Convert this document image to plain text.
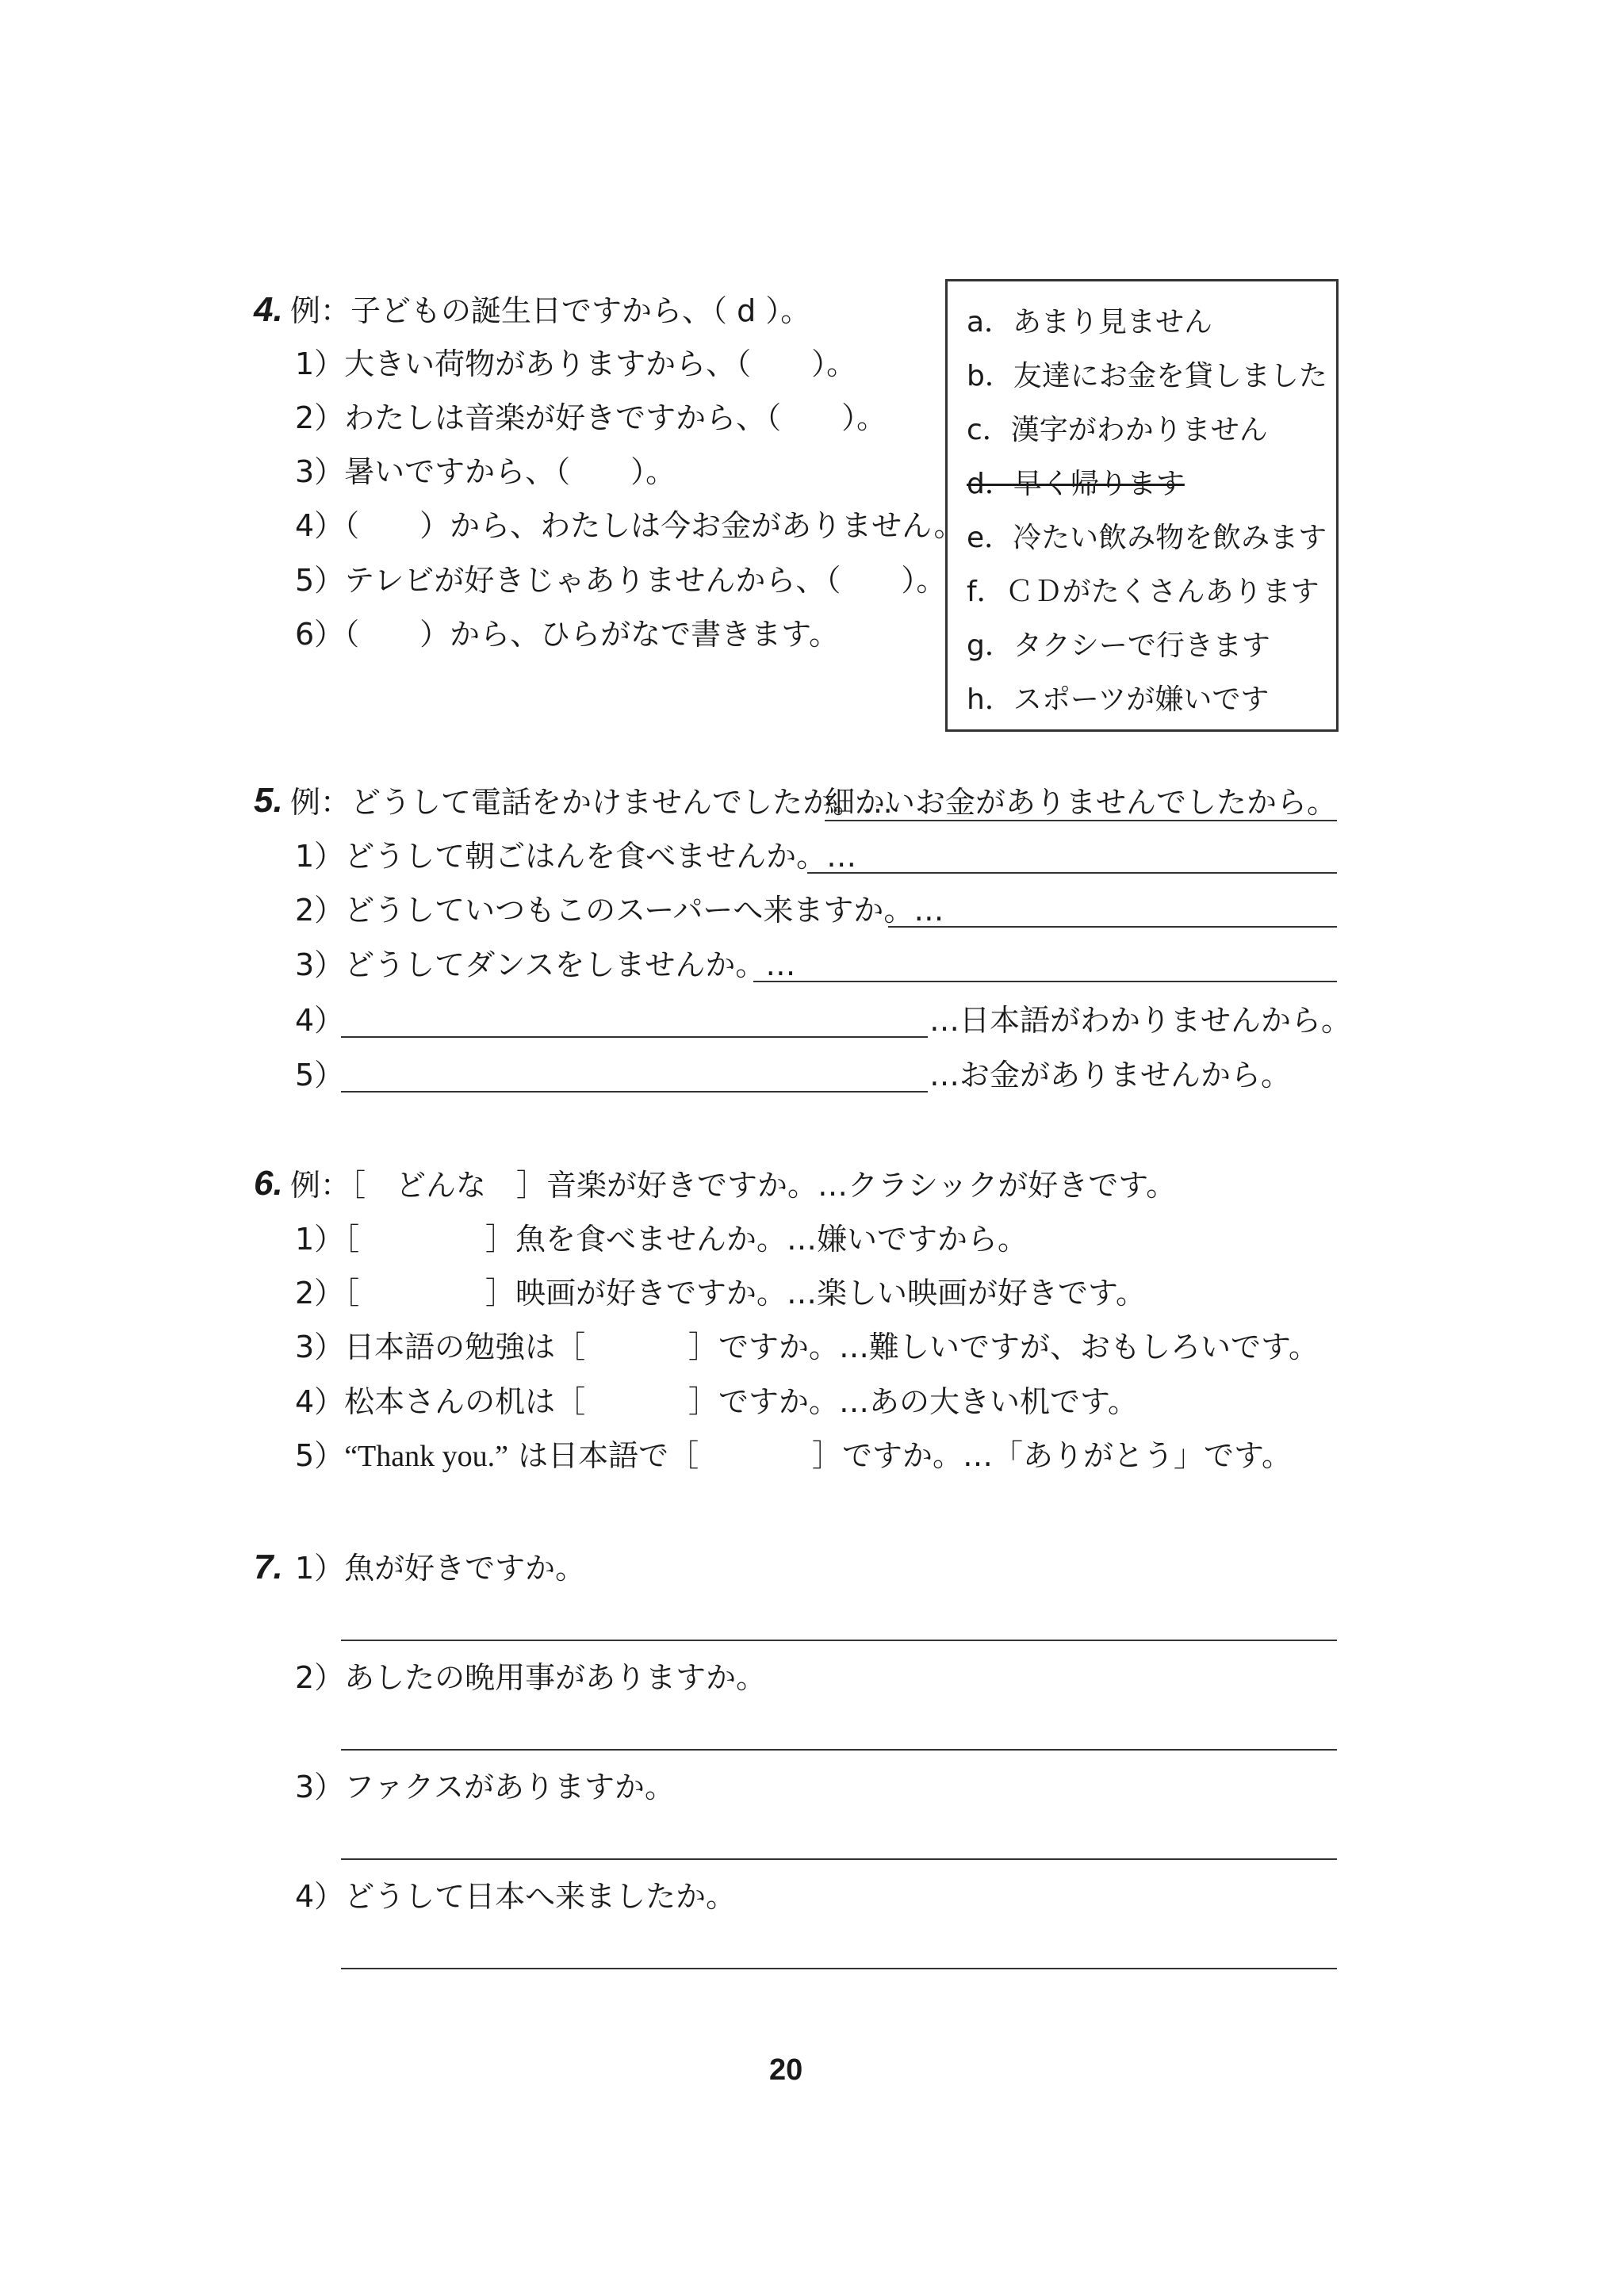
4. 例：子どもの誕生日ですから、（ d ）。
1）大きい荷物がありますから、（　　）。
2）わたしは音楽が好きですから、（　　）。
3）暑いですから、（　　）。
4）（　　）から、わたしは今お金がありません。
5）テレビが好きじゃありませんから、（　　）。
6）（　　）から、ひらがなで書きます。
a．あまり見ません
b．友達にお金を貸しました
c．漢字がわかりません
d．早く帰ります
e．冷たい飲み物を飲みます
f．ＣＤがたくさんあります
g．タクシーで行きます
h．スポーツが嫌いです
5. 例：どうして電話をかけませんでしたか。…
細かいお金がありませんでしたから。
1）どうして朝ごはんを食べませんか。…
2）どうしていつもこのスーパーへ来ますか。…
3）どうしてダンスをしませんか。…
4）	…日本語がわかりませんから。
5）	…お金がありませんから。
6. 例：［　どんな　］音楽が好きですか。…クラシックが好きです。
1）［	］魚を食べませんか。…嫌いですから。
2）［	］映画が好きですか。…楽しい映画が好きです。
3）日本語の勉強は［	］ですか。…難しいですが、おもしろいです。
4）松本さんの机は［	］ですか。…あの大きい机です。
5）“Thank you.” は日本語で［	］ですか。…「ありがとう」です。
7. 1）魚が好きですか。
2）あしたの晩用事がありますか。
3）ファクスがありますか。
4）どうして日本へ来ましたか。
20
